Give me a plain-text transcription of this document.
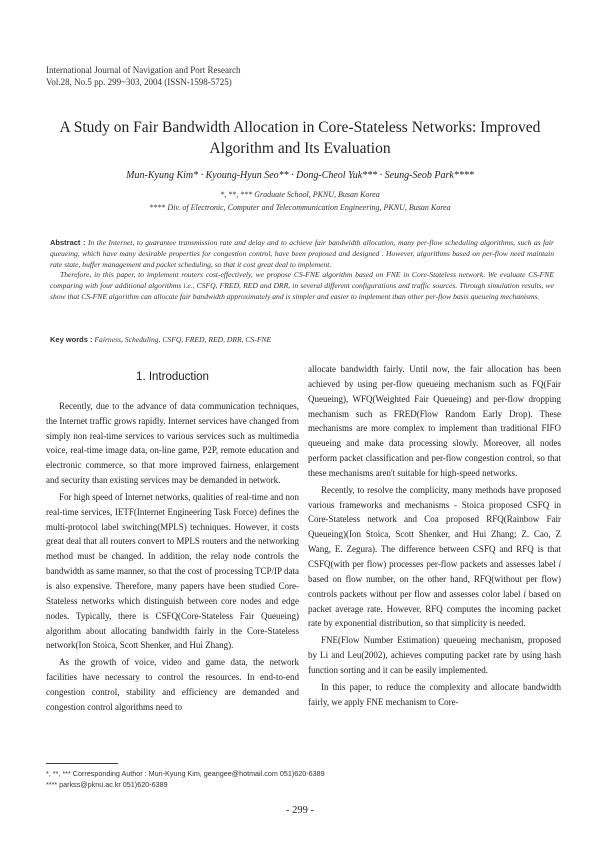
International Journal of Navigation and Port Research
Vol.28, No.5 pp. 299~303, 2004 (ISSN-1598-5725)
A Study on Fair Bandwidth Allocation in Core-Stateless Networks: Improved
Algorithm and Its Evaluation
Mun-Kyung Kim* · Kyoung-Hyun Seo** · Dong-Cheol Yuk*** · Seung-Seob Park****
*, **, *** Graduate School, PKNU, Busan Korea
**** Div. of Electronic, Computer and Telecommunication Engineering, PKNU, Busan Korea

Abstract : In the Internet, to guarantee transmission rate and delay and to achieve fair bandwidth allocation, many per-flow scheduling algorithms, such as fair queueing, which have many desirable properties for congestion control, have been proposed and designed . However, algorithms based on per-flow need maintain rate state, buffer management and packet scheduling, so that it cost great deal to implement.

Therefore, in this paper, to implement routers cost-effectively, we propose CS-FNE algorithm based on FNE in Core-Stateless network. We evaluate CS-FNE comparing with four additional algorithms i.e., CSFQ, FRED, RED and DRR, in several different configurations and traffic sources. Through simulation results, we show that CS-FNE algorithm can allocate fair bandwidth approximately and is simpler and easier to implement than other per-flow basis queueing mechanisms.

Key words : Fairness, Scheduling, CSFQ, FRED, RED, DRR, CS-FNE
1. Introduction

Recently, due to the advance of data communication techniques, the Internet traffic grows rapidly. Internet services have changed from simply non real-time services to various services such as multimedia voice, real-time image data, on-line game, P2P, remote education and electronic commerce, so that more improved fairness, enlargement and security than existing services may be demanded in network.

For high speed of Internet networks, qualities of real-time and non real-time services, IETF(Internet Engineering Task Force) defines the multi-protocol label switching(MPLS) techniques. However, it costs great deal that all routers convert to MPLS routers and the networking method must be changed. In addition, the relay node controls the bandwidth as same manner, so that the cost of processing TCP/IP data is also expensive. Therefore, many papers have been studied Core-Stateless networks which distinguish between core nodes and edge nodes. Typically, there is CSFQ(Core-Stateless Fair Queueing) algorithm about allocating bandwidth fairly in the Core-Stateless network(Ion Stoica, Scott Shenker, and Hui Zhang).

As the growth of voice, video and game data, the network facilities have necessary to control the resources. In end-to-end congestion control, stability and efficiency are demanded and congestion control algorithms need to

allocate bandwidth fairly. Until now, the fair allocation has been achieved by using per-flow queueing mechanism such as FQ(Fair Queueing), WFQ(Weighted Fair Queueing) and per-flow dropping mechanism such as FRED(Flow Random Early Drop). These mechanisms are more complex to implement than traditional FIFO queueing and make data processing slowly. Moreover, all nodes perform packet classification and per-flow congestion control, so that these mechanisms aren't suitable for high-speed networks.

Recently, to resolve the complicity, many methods have proposed various frameworks and mechanisms - Stoica proposed CSFQ in Core-Stateless network and Coa proposed RFQ(Rainbow Fair Queueing)(Ion Stoica, Scott Shenker, and Hui Zhang; Z. Cao, Z Wang, E. Zegura). The difference between CSFQ and RFQ is that CSFQ(with per flow) processes per-flow packets and assesses label i based on flow number, on the other hand, RFQ(without per flow) controls packets without per flow and assesses color label i based on packet average rate. However, RFQ computes the incoming packet rate by exponential distribution, so that simplicity is needed.

FNE(Flow Number Estimation) queueing mechanism, proposed by Li and Leu(2002), achieves computing packet rate by using hash function sorting and it can be easily implemented.

In this paper, to reduce the complexity and allocate bandwidth fairly, we apply FNE mechanism to Core-

*, **, *** Corresponding Author : Mun-Kyung Kim, geangee@hotmail.com 051)620-6389
**** parkss@pknu.ac.kr 051)620-6389
- 299 -
